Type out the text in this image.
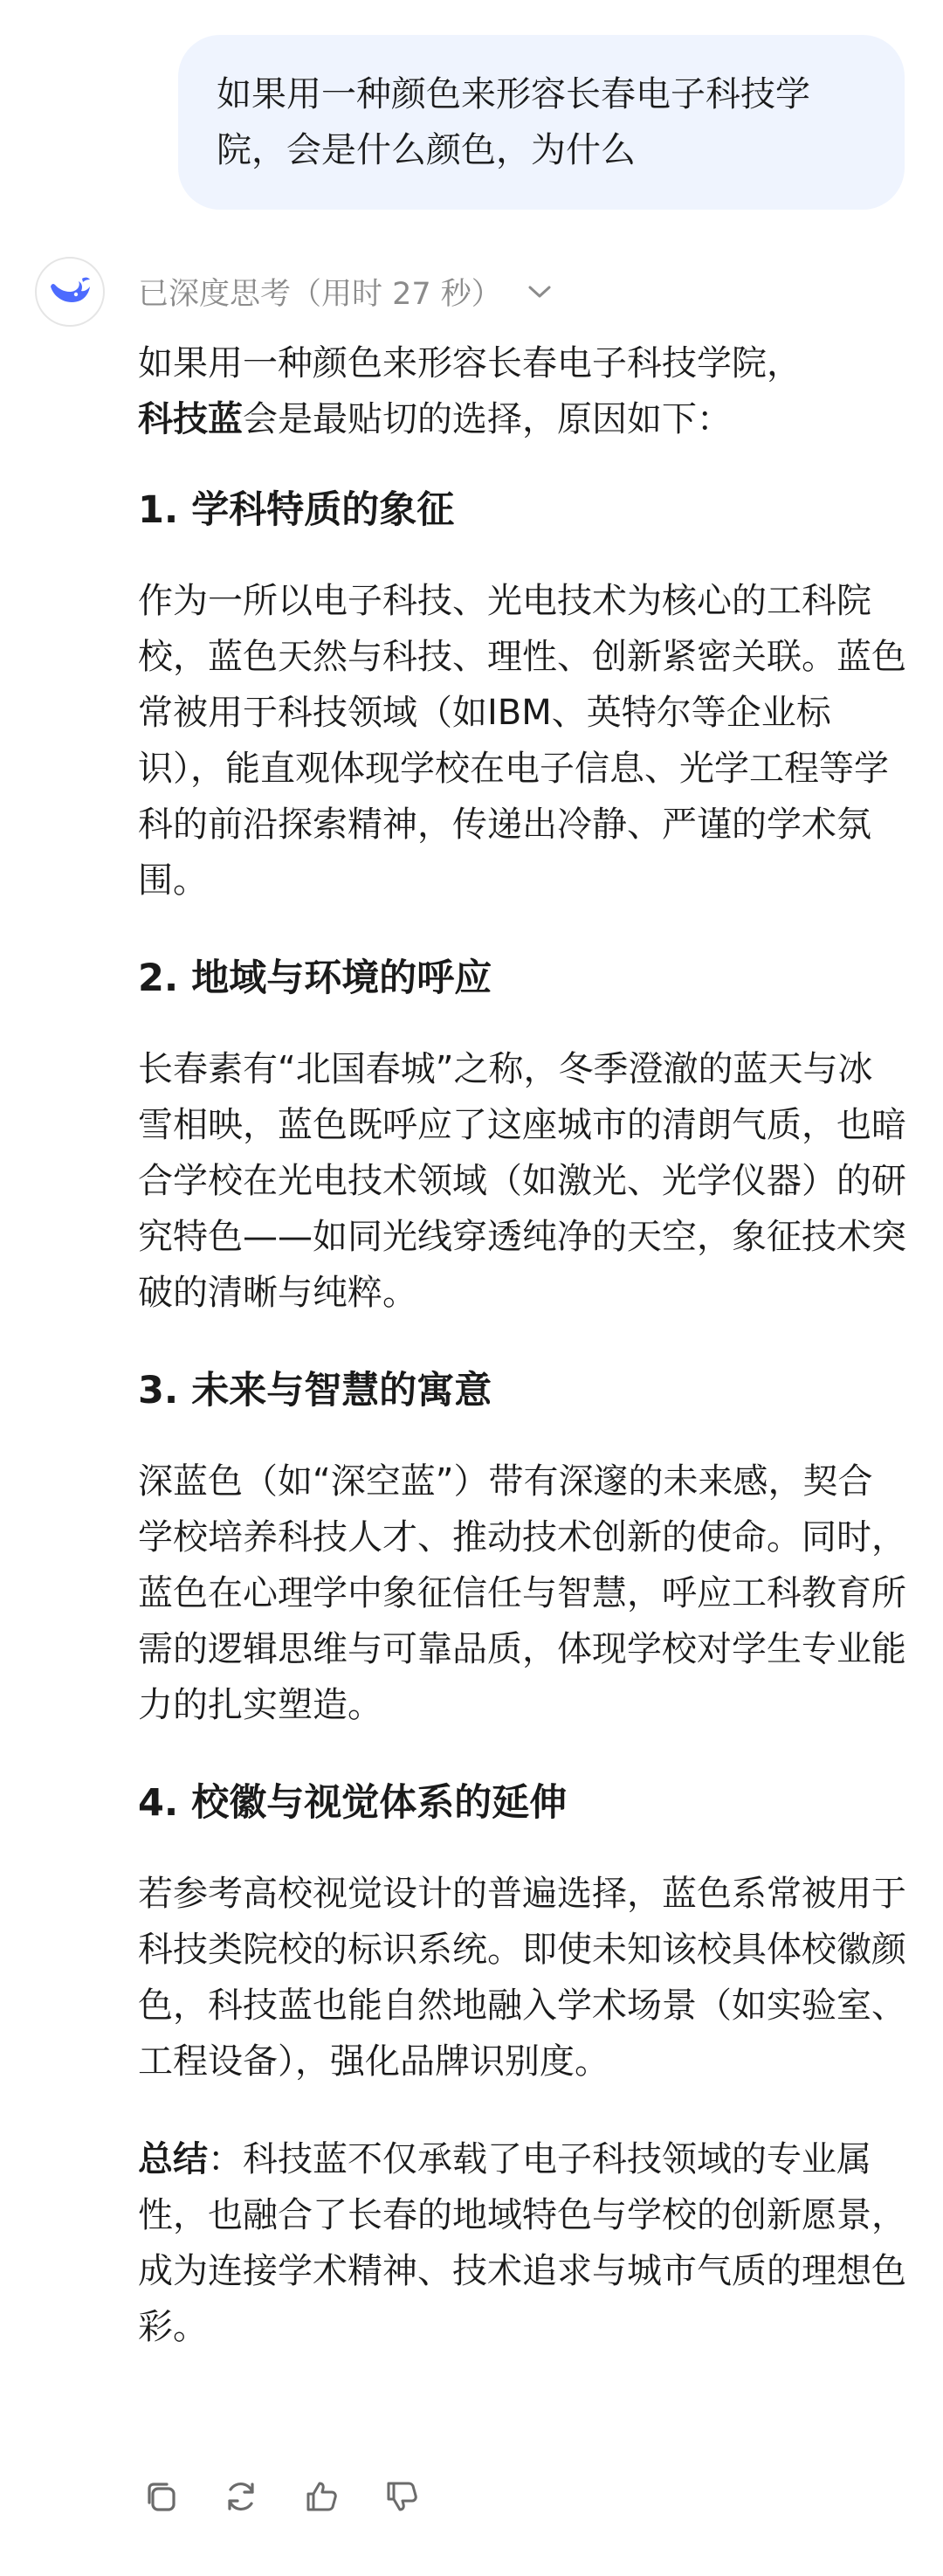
如果用一种颜色来形容长春电子科技学院，会是什么颜色，为什么
已深度思考（用时 27 秒）

如果用一种颜色来形容长春电子科技学院，
科技蓝会是最贴切的选择，原因如下：

1. 学科特质的象征

作为一所以电子科技、光电技术为核心的工科院校，蓝色天然与科技、理性、创新紧密关联。蓝色常被用于科技领域（如IBM、英特尔等企业标识），能直观体现学校在电子信息、光学工程等学科的前沿探索精神，传递出冷静、严谨的学术氛围。

2. 地域与环境的呼应

长春素有“北国春城”之称，冬季澄澈的蓝天与冰雪相映，蓝色既呼应了这座城市的清朗气质，也暗合学校在光电技术领域（如激光、光学仪器）的研究特色——如同光线穿透纯净的天空，象征技术突破的清晰与纯粹。

3. 未来与智慧的寓意

深蓝色（如“深空蓝”）带有深邃的未来感，契合学校培养科技人才、推动技术创新的使命。同时，蓝色在心理学中象征信任与智慧，呼应工科教育所需的逻辑思维与可靠品质，体现学校对学生专业能力的扎实塑造。

4. 校徽与视觉体系的延伸

若参考高校视觉设计的普遍选择，蓝色系常被用于科技类院校的标识系统。即使未知该校具体校徽颜色，科技蓝也能自然地融入学术场景（如实验室、工程设备），强化品牌识别度。

总结：科技蓝不仅承载了电子科技领域的专业属性，也融合了长春的地域特色与学校的创新愿景，成为连接学术精神、技术追求与城市气质的理想色彩。
